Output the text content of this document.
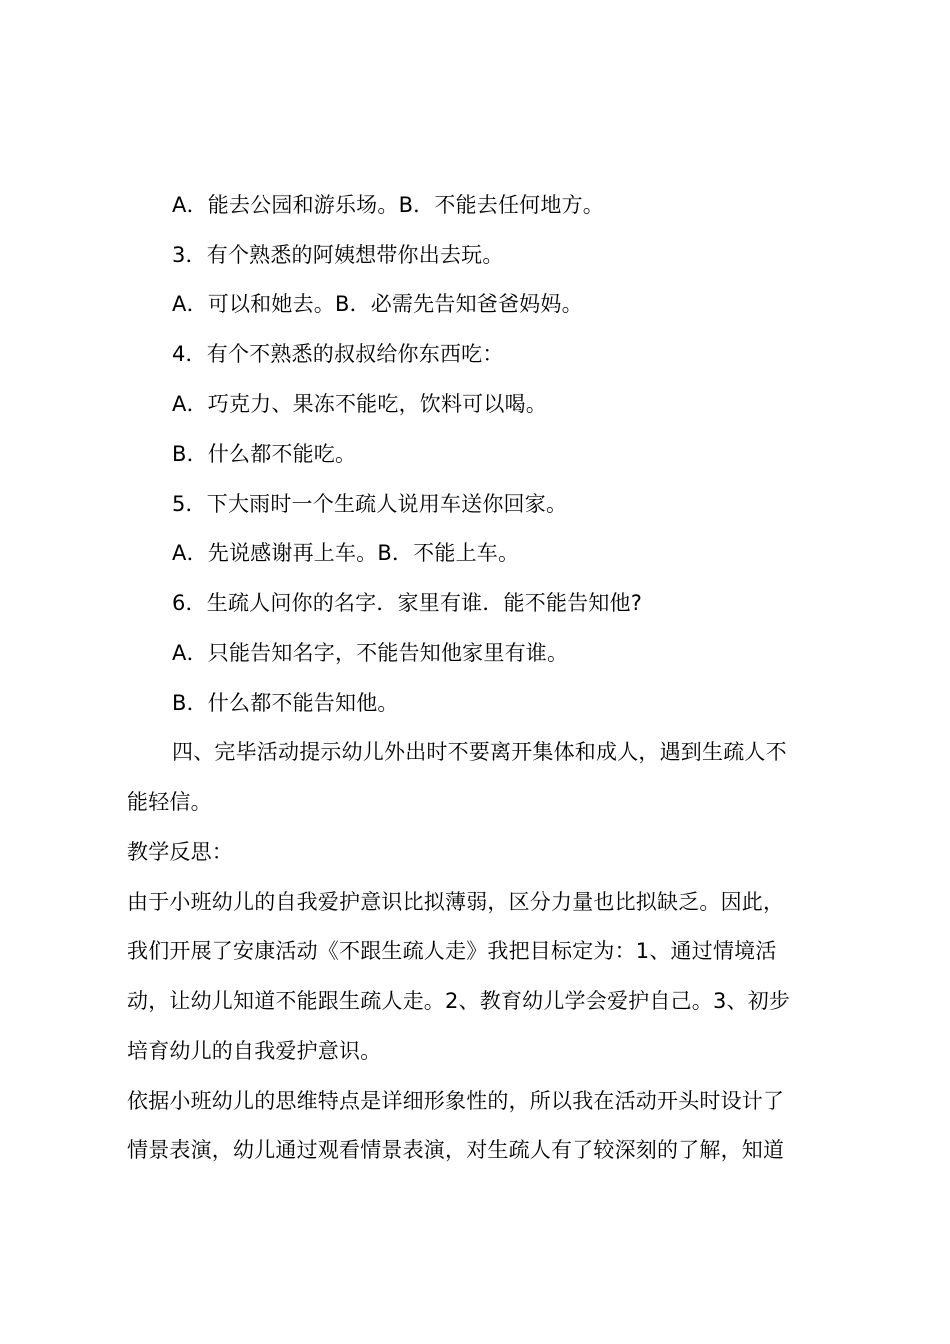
A．能去公园和游乐场。B．不能去任何地方。
3．有个熟悉的阿姨想带你出去玩。
A．可以和她去。B．必需先告知爸爸妈妈。
4．有个不熟悉的叔叔给你东西吃：
A．巧克力、果冻不能吃，饮料可以喝。
B．什么都不能吃。
5．下大雨时一个生疏人说用车送你回家。
A．先说感谢再上车。B．不能上车。
6．生疏人问你的名字．家里有谁．能不能告知他?
A．只能告知名字，不能告知他家里有谁。
B．什么都不能告知他。
四、完毕活动提示幼儿外出时不要离开集体和成人，遇到生疏人不
能轻信。
教学反思：
由于小班幼儿的自我爱护意识比拟薄弱，区分力量也比拟缺乏。因此，
我们开展了安康活动《不跟生疏人走》我把目标定为：1、通过情境活
动，让幼儿知道不能跟生疏人走。2、教育幼儿学会爱护自己。3、初步
培育幼儿的自我爱护意识。
依据小班幼儿的思维特点是详细形象性的，所以我在活动开头时设计了
情景表演，幼儿通过观看情景表演，对生疏人有了较深刻的了解，知道
